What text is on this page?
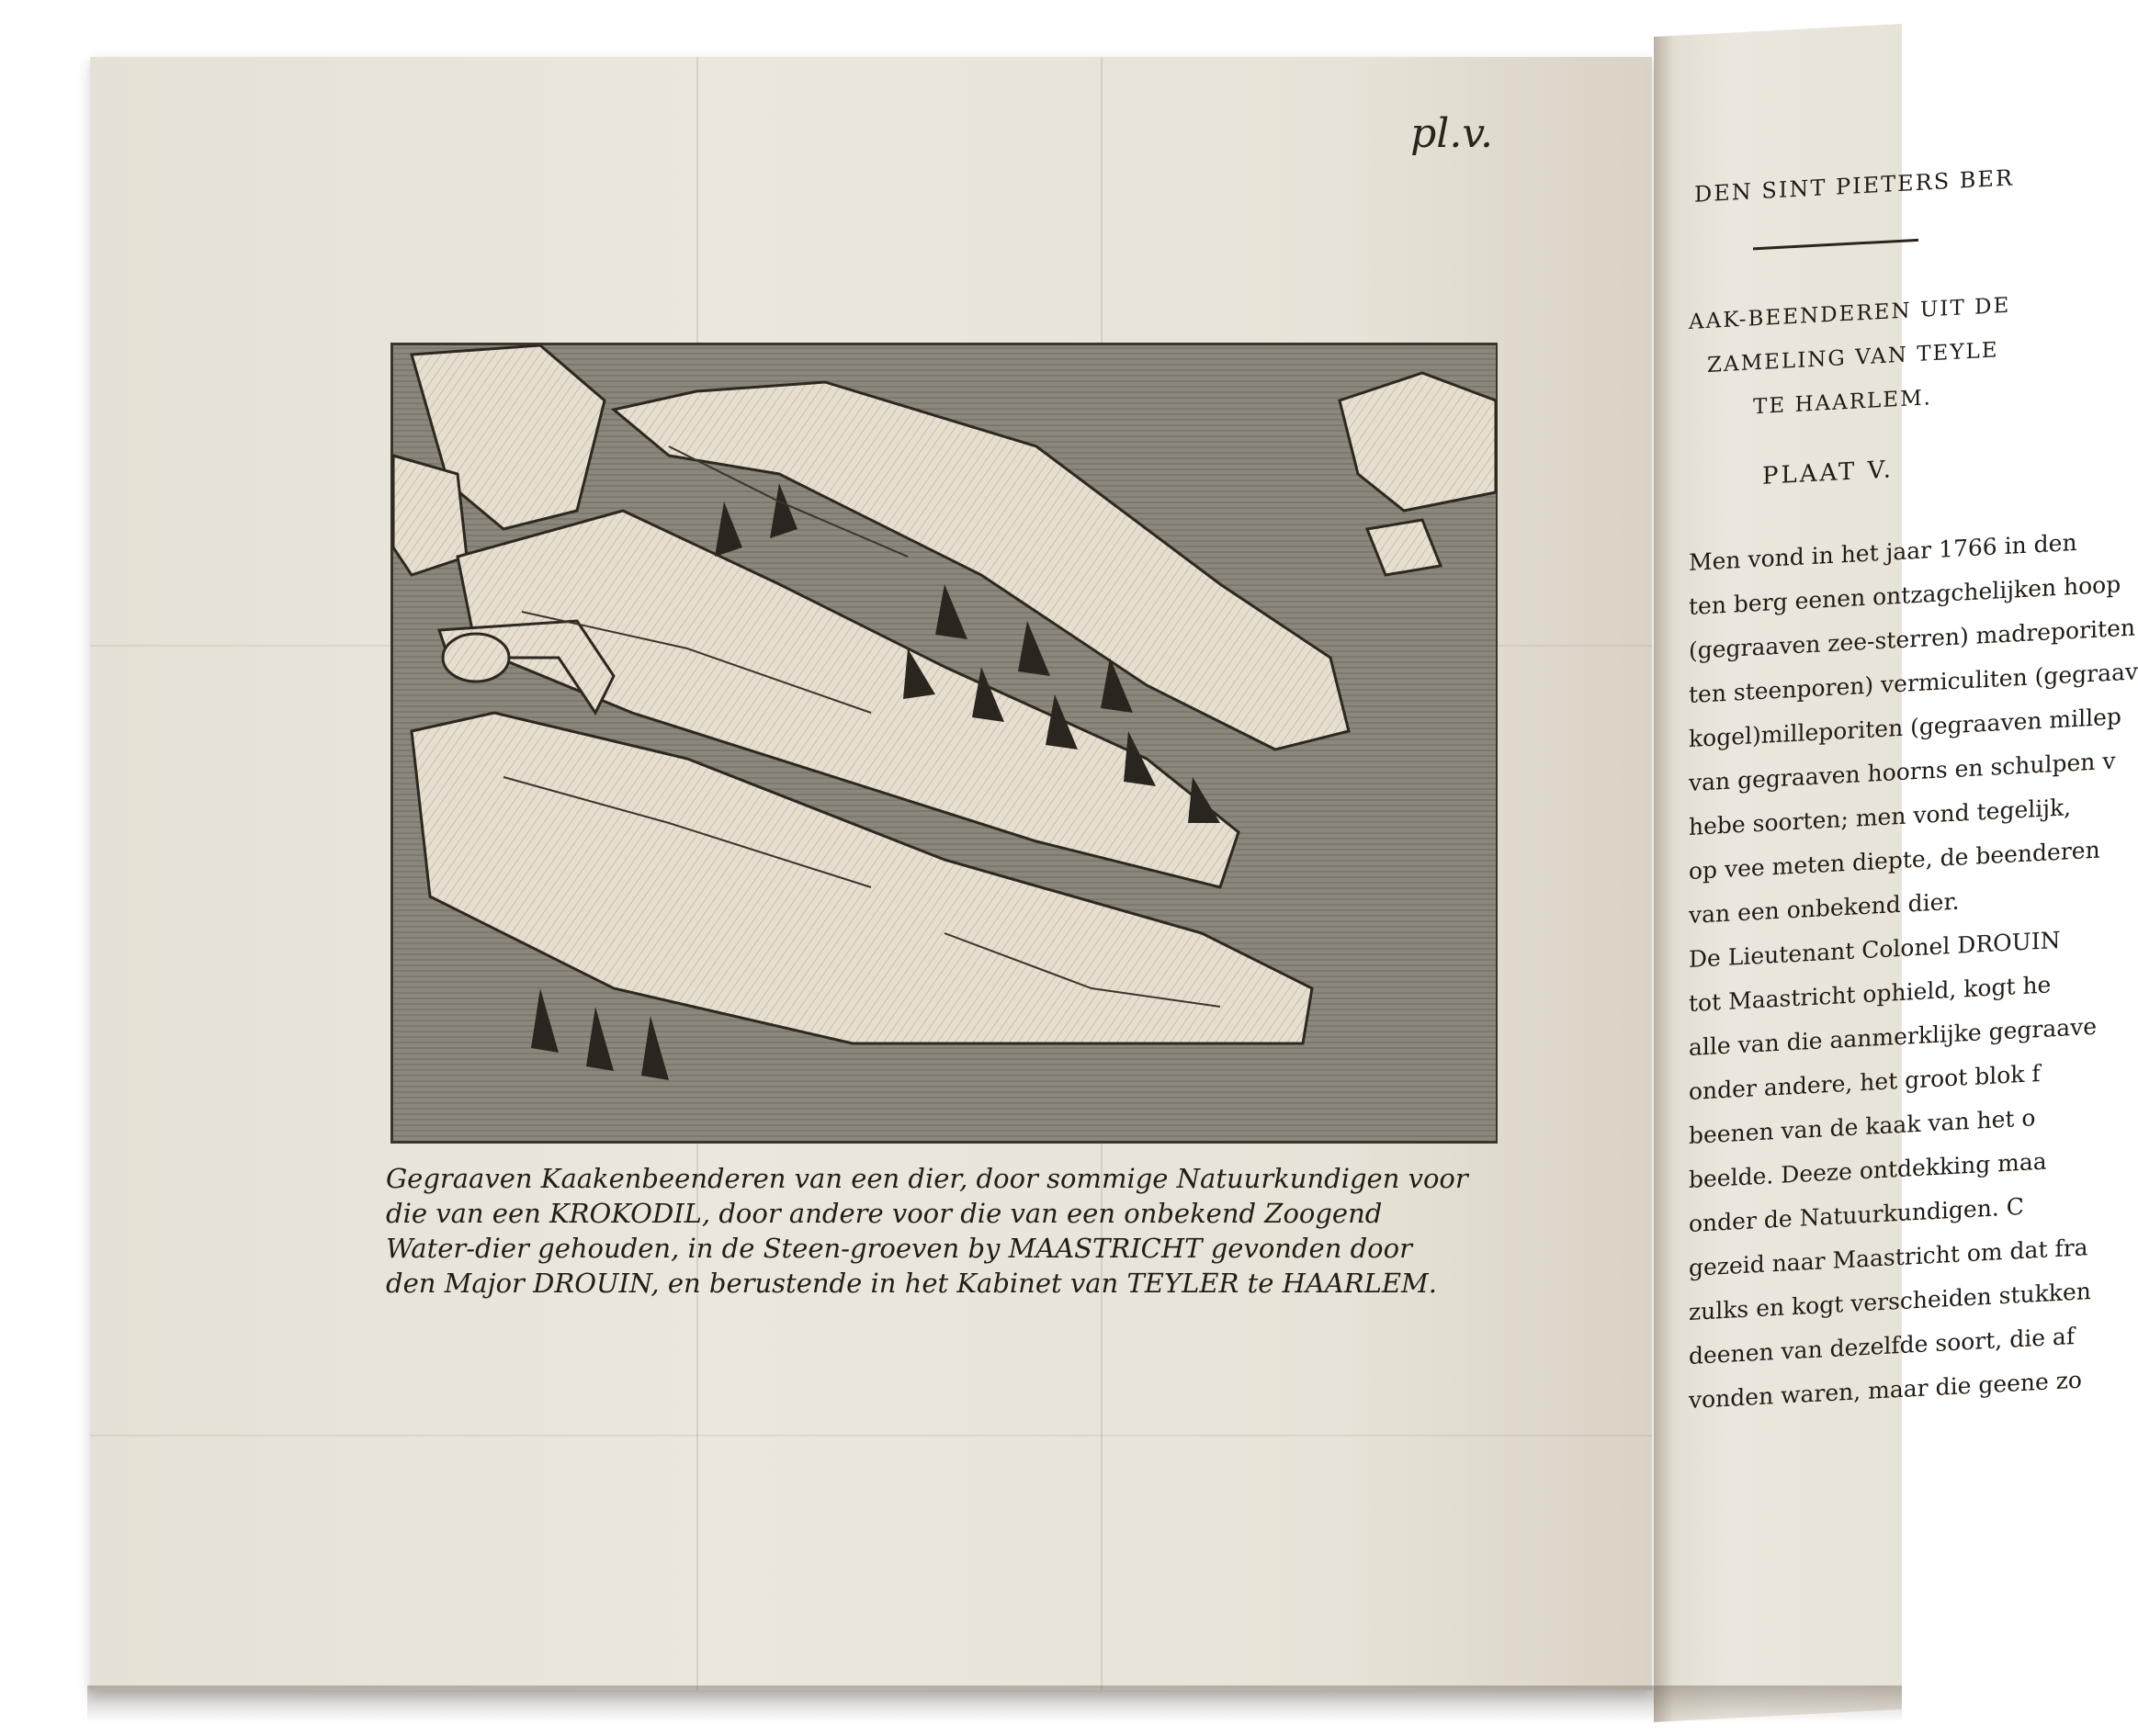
pl.v.
Gegraaven Kaakenbeenderen van een dier, door sommige Natuurkundigen voor
die van een KROKODIL, door andere voor die van een onbekend Zoogend
Water-dier gehouden, in de Steen-groeven by MAASTRICHT gevonden door
den Major DROUIN, en berustende in het Kabinet van TEYLER te HAARLEM.
DEN SINT PIETERS BER
AAK-BEENDEREN UIT DE
ZAMELING VAN TEYLE
TE HAARLEM.
PLAAT V.
Men vond in het jaar 1766 in den
ten berg eenen ontzagchelijken hoop
(gegraaven zee-sterren) madreporiten
ten steenporen) vermiculiten (gegraav
kogel)milleporiten (gegraaven millep
van gegraaven hoorns en schulpen v
hebe soorten; men vond tegelijk,
op vee meten diepte, de beenderen
van een onbekend dier.
De Lieutenant Colonel DROUIN
tot Maastricht ophield, kogt he
alle van die aanmerklijke gegraave
onder andere, het groot blok f
beenen van de kaak van het o
beelde. Deeze ontdekking maa
onder de Natuurkundigen. C
gezeid naar Maastricht om dat fra
zulks en kogt verscheiden stukken
deenen van dezelfde soort, die af
vonden waren, maar die geene zo
